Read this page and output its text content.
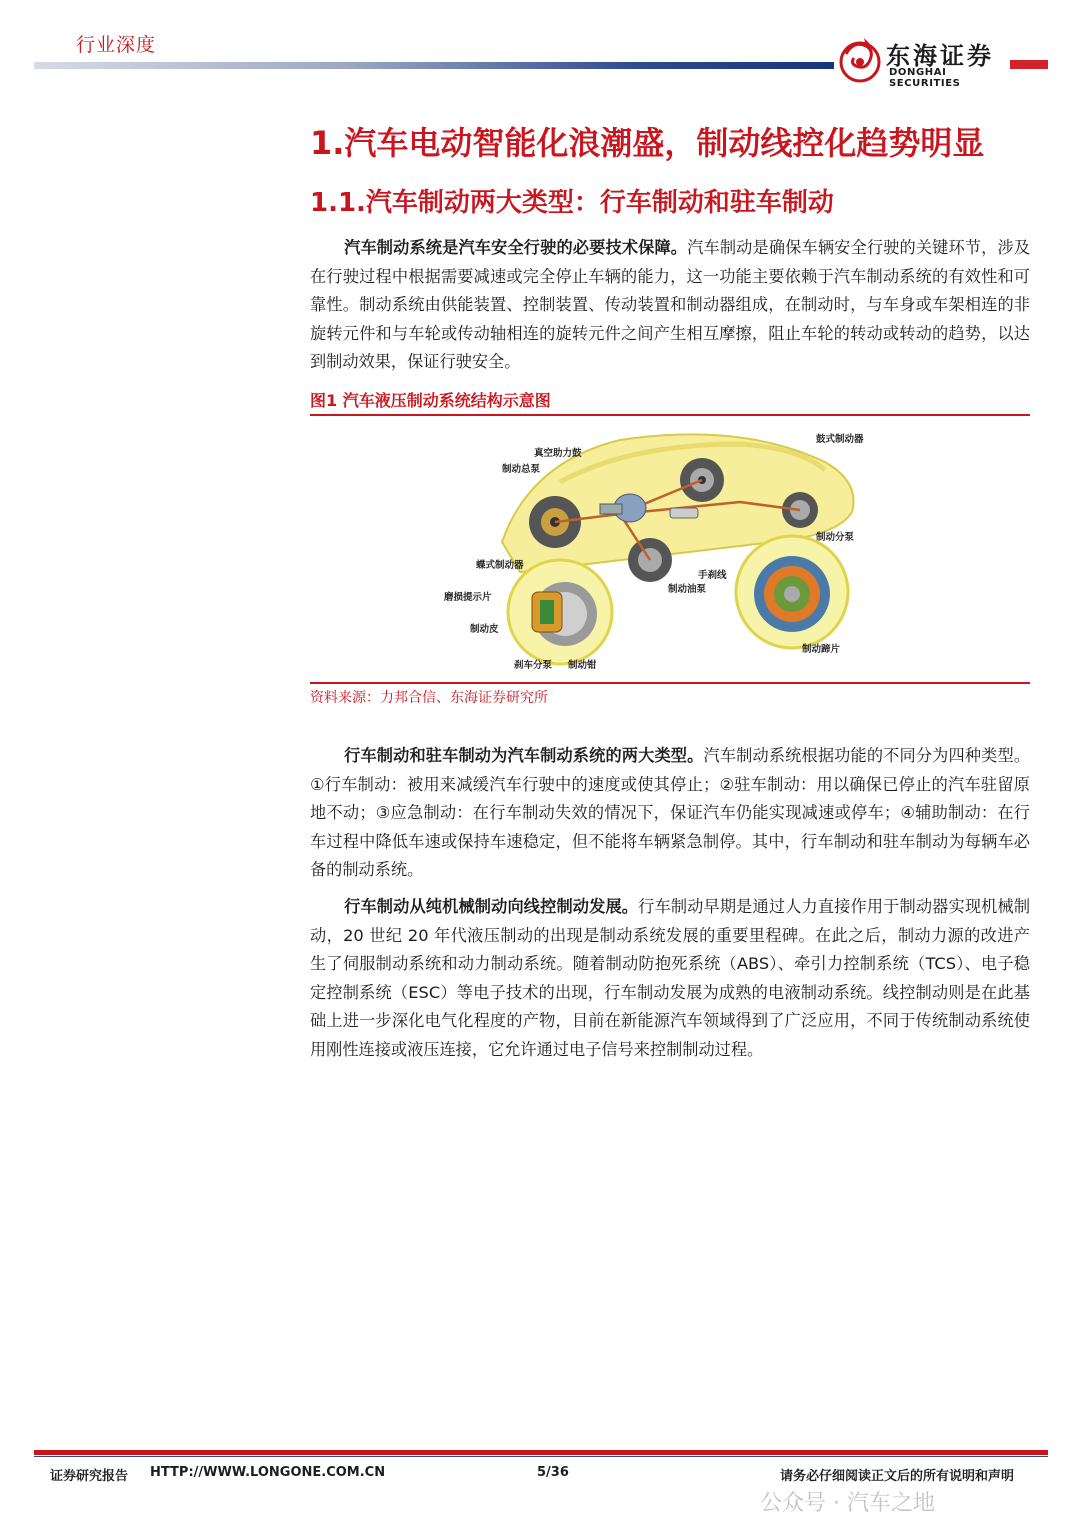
行业深度	东海证券
DONGHAI SECURITIES
1.汽车电动智能化浪潮盛，制动线控化趋势明显
1.1.汽车制动两大类型：行车制动和驻车制动
汽车制动系统是汽车安全行驶的必要技术保障。汽车制动是确保车辆安全行驶的关键环节，涉及在行驶过程中根据需要减速或完全停止车辆的能力，这一功能主要依赖于汽车制动系统的有效性和可靠性。制动系统由供能装置、控制装置、传动装置和制动器组成，在制动时，与车身或车架相连的非旋转元件和与车轮或传动轴相连的旋转元件之间产生相互摩擦，阻止车轮的转动或转动的趋势，以达到制动效果，保证行驶安全。
图1 汽车液压制动系统结构示意图
真空助力鼓
制动总泵
鼓式制动器
制动分泵
蝶式制动器
磨损提示片
制动皮
刹车分泵 制动钳
手刹线
制动油泵
制动蹄片
资料来源：力邦合信、东海证券研究所
行车制动和驻车制动为汽车制动系统的两大类型。汽车制动系统根据功能的不同分为四种类型。①行车制动：被用来减缓汽车行驶中的速度或使其停止；②驻车制动：用以确保已停止的汽车驻留原地不动；③应急制动：在行车制动失效的情况下，保证汽车仍能实现减速或停车；④辅助制动：在行车过程中降低车速或保持车速稳定，但不能将车辆紧急制停。其中，行车制动和驻车制动为每辆车必备的制动系统。
行车制动从纯机械制动向线控制动发展。行车制动早期是通过人力直接作用于制动器实现机械制动，20 世纪 20 年代液压制动的出现是制动系统发展的重要里程碑。在此之后，制动力源的改进产生了伺服制动系统和动力制动系统。随着制动防抱死系统（ABS）、牵引力控制系统（TCS）、电子稳定控制系统（ESC）等电子技术的出现，行车制动发展为成熟的电液制动系统。线控制动则是在此基础上进一步深化电气化程度的产物，目前在新能源汽车领域得到了广泛应用，不同于传统制动系统使用刚性连接或液压连接，它允许通过电子信号来控制制动过程。
证券研究报告 HTTP://WWW.LONGONE.COM.CN	5/36	请务必仔细阅读正文后的所有说明和声明
公众号 · 汽车之地
